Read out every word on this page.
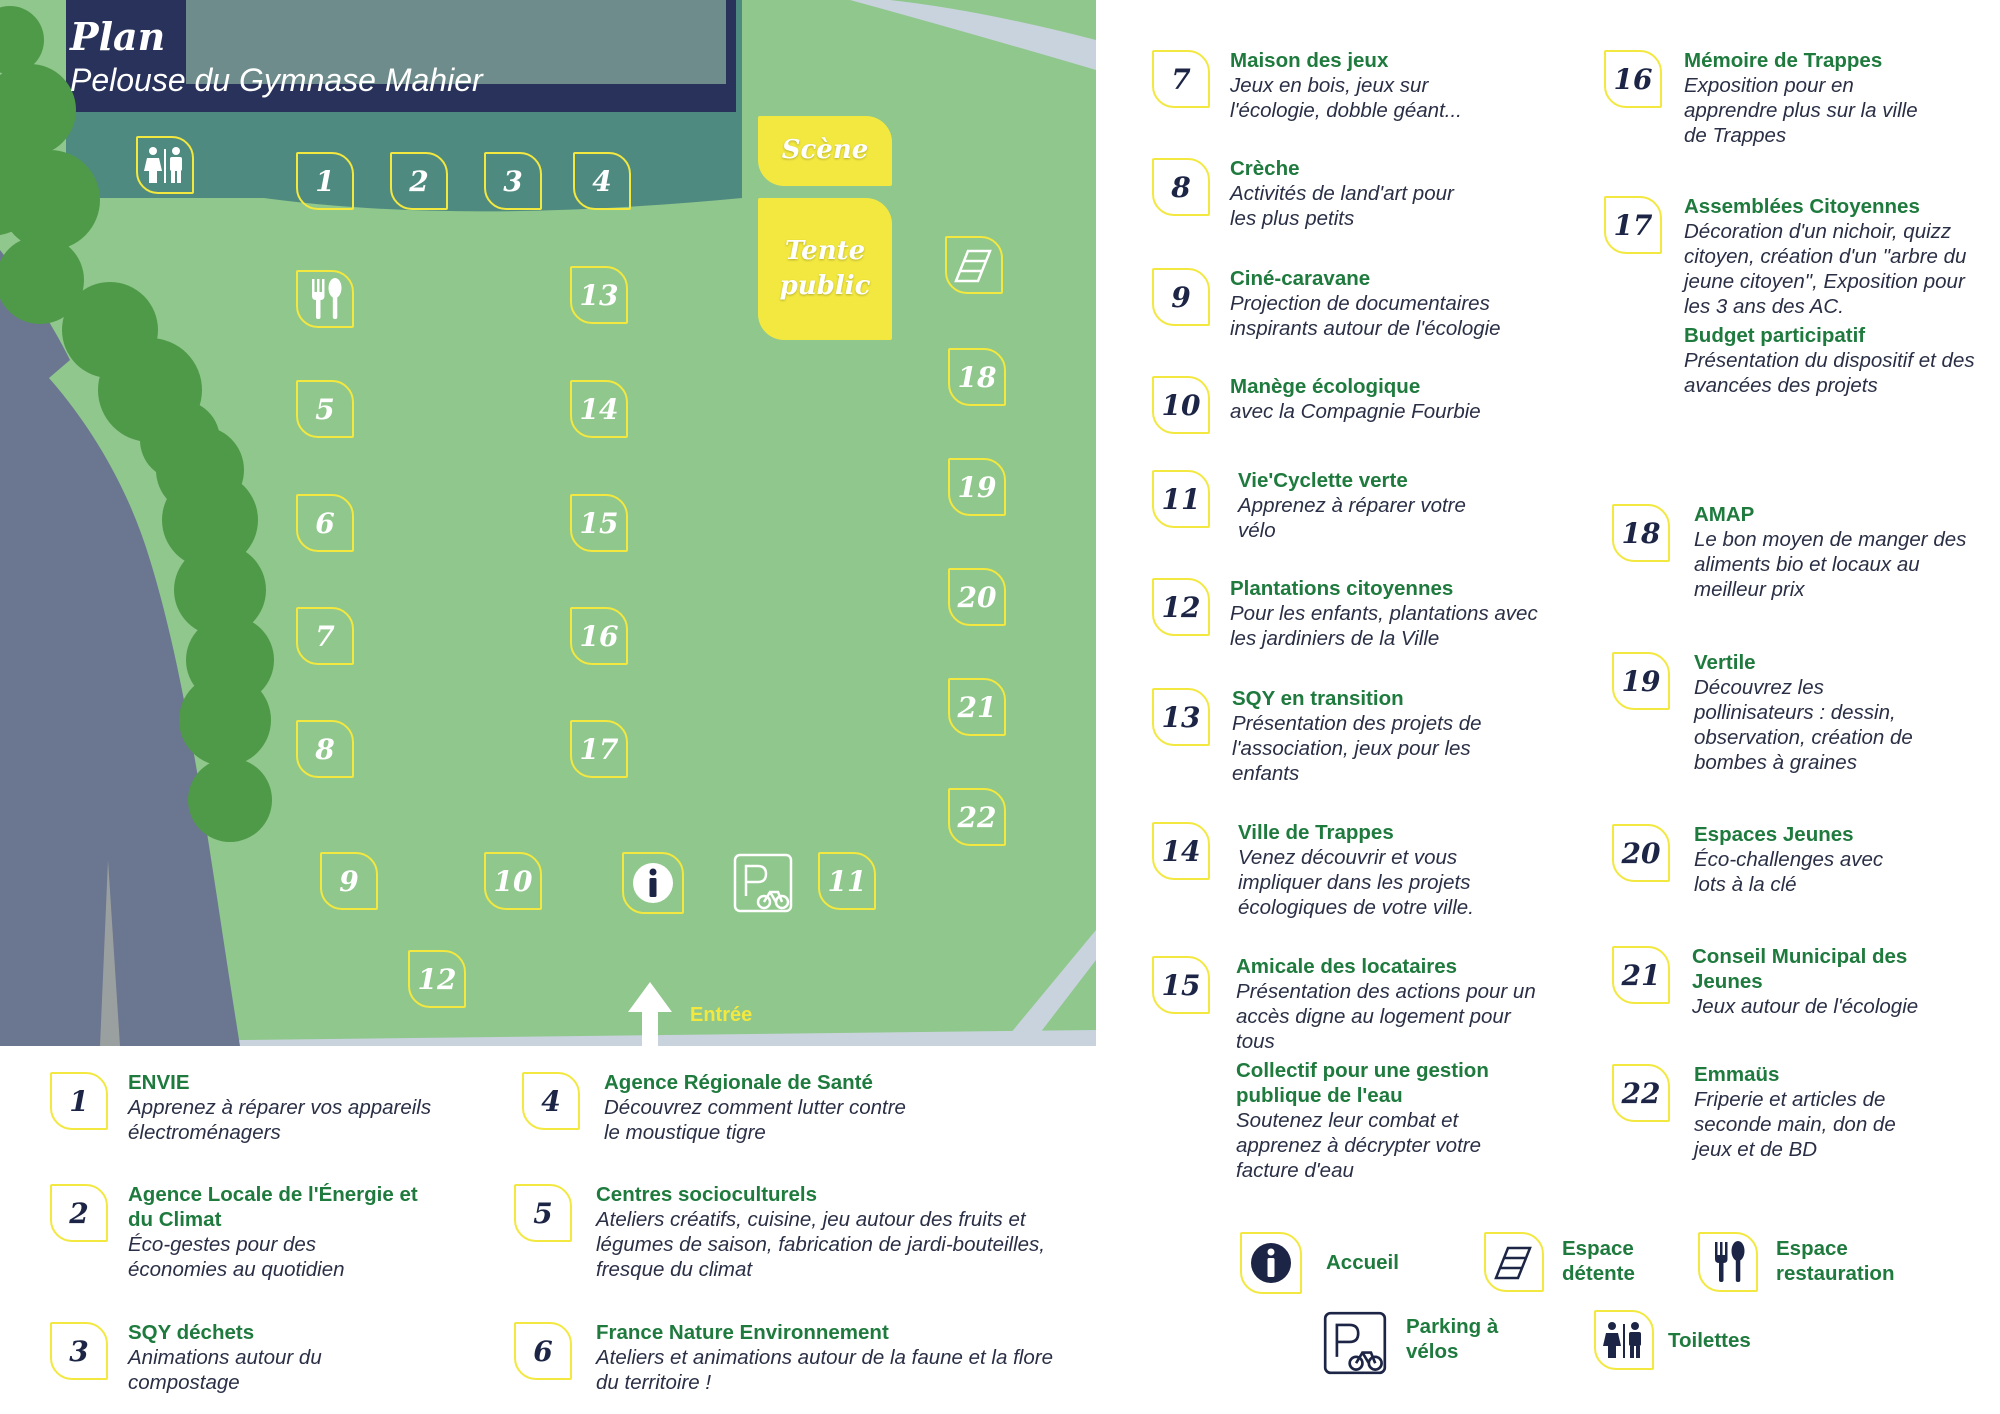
Plan
Pelouse du Gymnase Mahier
Scène
Tente public
Entrée
1	2	3	4
5
6
7
8
9	10	11
12
13
14
15
16
17
18
19
20
21
22
1
ENVIE
Apprenez à réparer vos appareils électroménagers
2
Agence Locale de l'Énergie et du Climat
Éco-gestes pour des économies au quotidien
3
SQY déchets
Animations autour du compostage
4
Agence Régionale de Santé
Découvrez comment lutter contre le moustique tigre
5
Centres socioculturels
Ateliers créatifs, cuisine, jeu autour des fruits et légumes de saison, fabrication de jardi-bouteilles, fresque du climat
6
France Nature Environnement
Ateliers et animations autour de la faune et la flore du territoire !
7
Maison des jeux
Jeux en bois, jeux sur l'écologie, dobble géant...
8
Crèche
Activités de land'art pour les plus petits
9
Ciné-caravane
Projection de documentaires inspirants autour de l'écologie
10
Manège écologique
avec la Compagnie Fourbie
11
Vie'Cyclette verte
Apprenez à réparer votre vélo
12
Plantations citoyennes
Pour les enfants, plantations avec les jardiniers de la Ville
13
SQY en transition
Présentation des projets de l'association, jeux pour les enfants
14
Ville de Trappes
Venez découvrir et vous impliquer dans les projets écologiques de votre ville.
15
Amicale des locataires
Présentation des actions pour un accès digne au logement pour tous
Collectif pour une gestion publique de l'eau
Soutenez leur combat et apprenez à décrypter votre facture d'eau
16
Mémoire de Trappes
Exposition pour en apprendre plus sur la ville de Trappes
17
Assemblées Citoyennes
Décoration d'un nichoir, quizz citoyen, création d'un "arbre du jeune citoyen", Exposition pour les 3 ans des AC.
Budget participatif
Présentation du dispositif et des avancées des projets
18
AMAP
Le bon moyen de manger des aliments bio et locaux au meilleur prix
19
Vertile
Découvrez les pollinisateurs : dessin, observation, création de bombes à graines
20
Espaces Jeunes
Éco-challenges avec lots à la clé
21
Conseil Municipal des Jeunes
Jeux autour de l'écologie
22
Emmaüs
Friperie et articles de seconde main, don de jeux et de BD
Accueil
Espace détente
Espace restauration
Parking à vélos	Toilettes
